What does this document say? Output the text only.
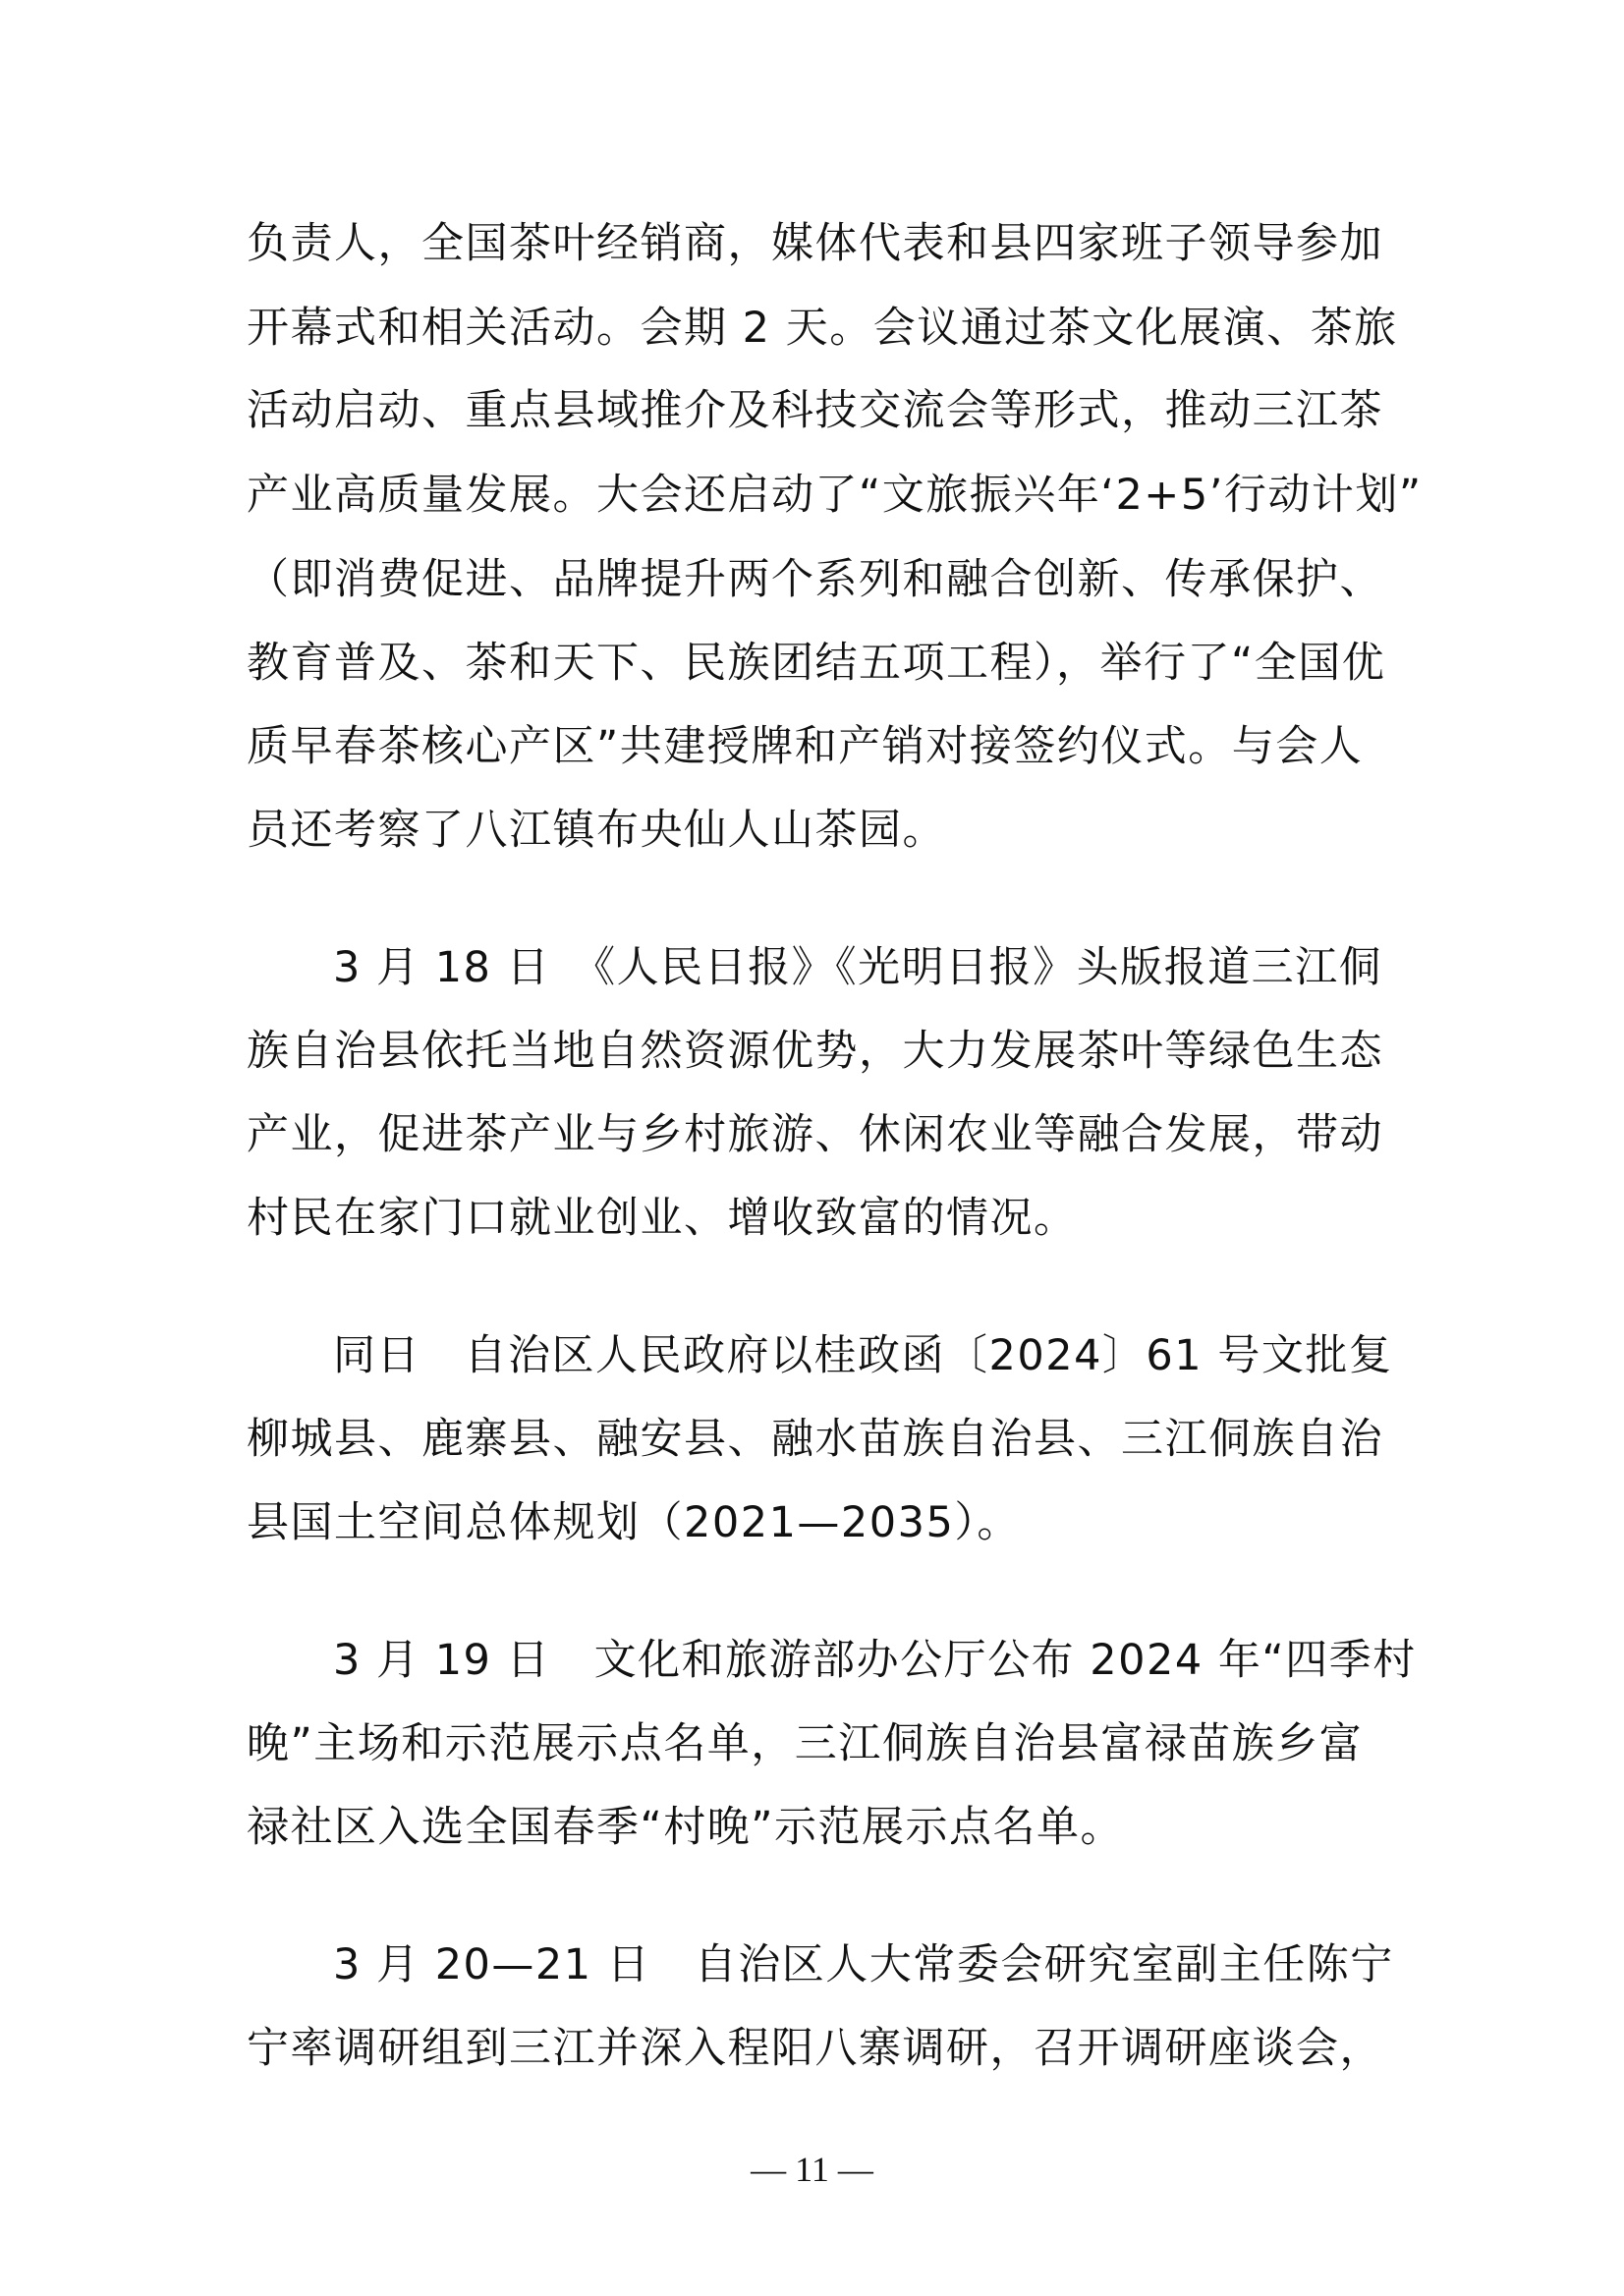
负责人，全国茶叶经销商，媒体代表和县四家班子领导参加
开幕式和相关活动。会期 2 天。会议通过茶文化展演、茶旅
活动启动、重点县域推介及科技交流会等形式，推动三江茶
产业高质量发展。大会还启动了“文旅振兴年‘2+5’行动计划”
（即消费促进、品牌提升两个系列和融合创新、传承保护、
教育普及、茶和天下、民族团结五项工程），举行了“全国优
质早春茶核心产区”共建授牌和产销对接签约仪式。与会人
员还考察了八江镇布央仙人山茶园。
3 月 18 日　《人民日报》《光明日报》头版报道三江侗
族自治县依托当地自然资源优势，大力发展茶叶等绿色生态
产业，促进茶产业与乡村旅游、休闲农业等融合发展，带动
村民在家门口就业创业、增收致富的情况。
同日　自治区人民政府以桂政函〔2024〕61 号文批复
柳城县、鹿寨县、融安县、融水苗族自治县、三江侗族自治
县国土空间总体规划（2021—2035）。
3 月 19 日　文化和旅游部办公厅公布 2024 年“四季村
晚”主场和示范展示点名单，三江侗族自治县富禄苗族乡富
禄社区入选全国春季“村晚”示范展示点名单。
3 月 20—21 日　自治区人大常委会研究室副主任陈宁
宁率调研组到三江并深入程阳八寨调研，召开调研座谈会，
— 11 —
